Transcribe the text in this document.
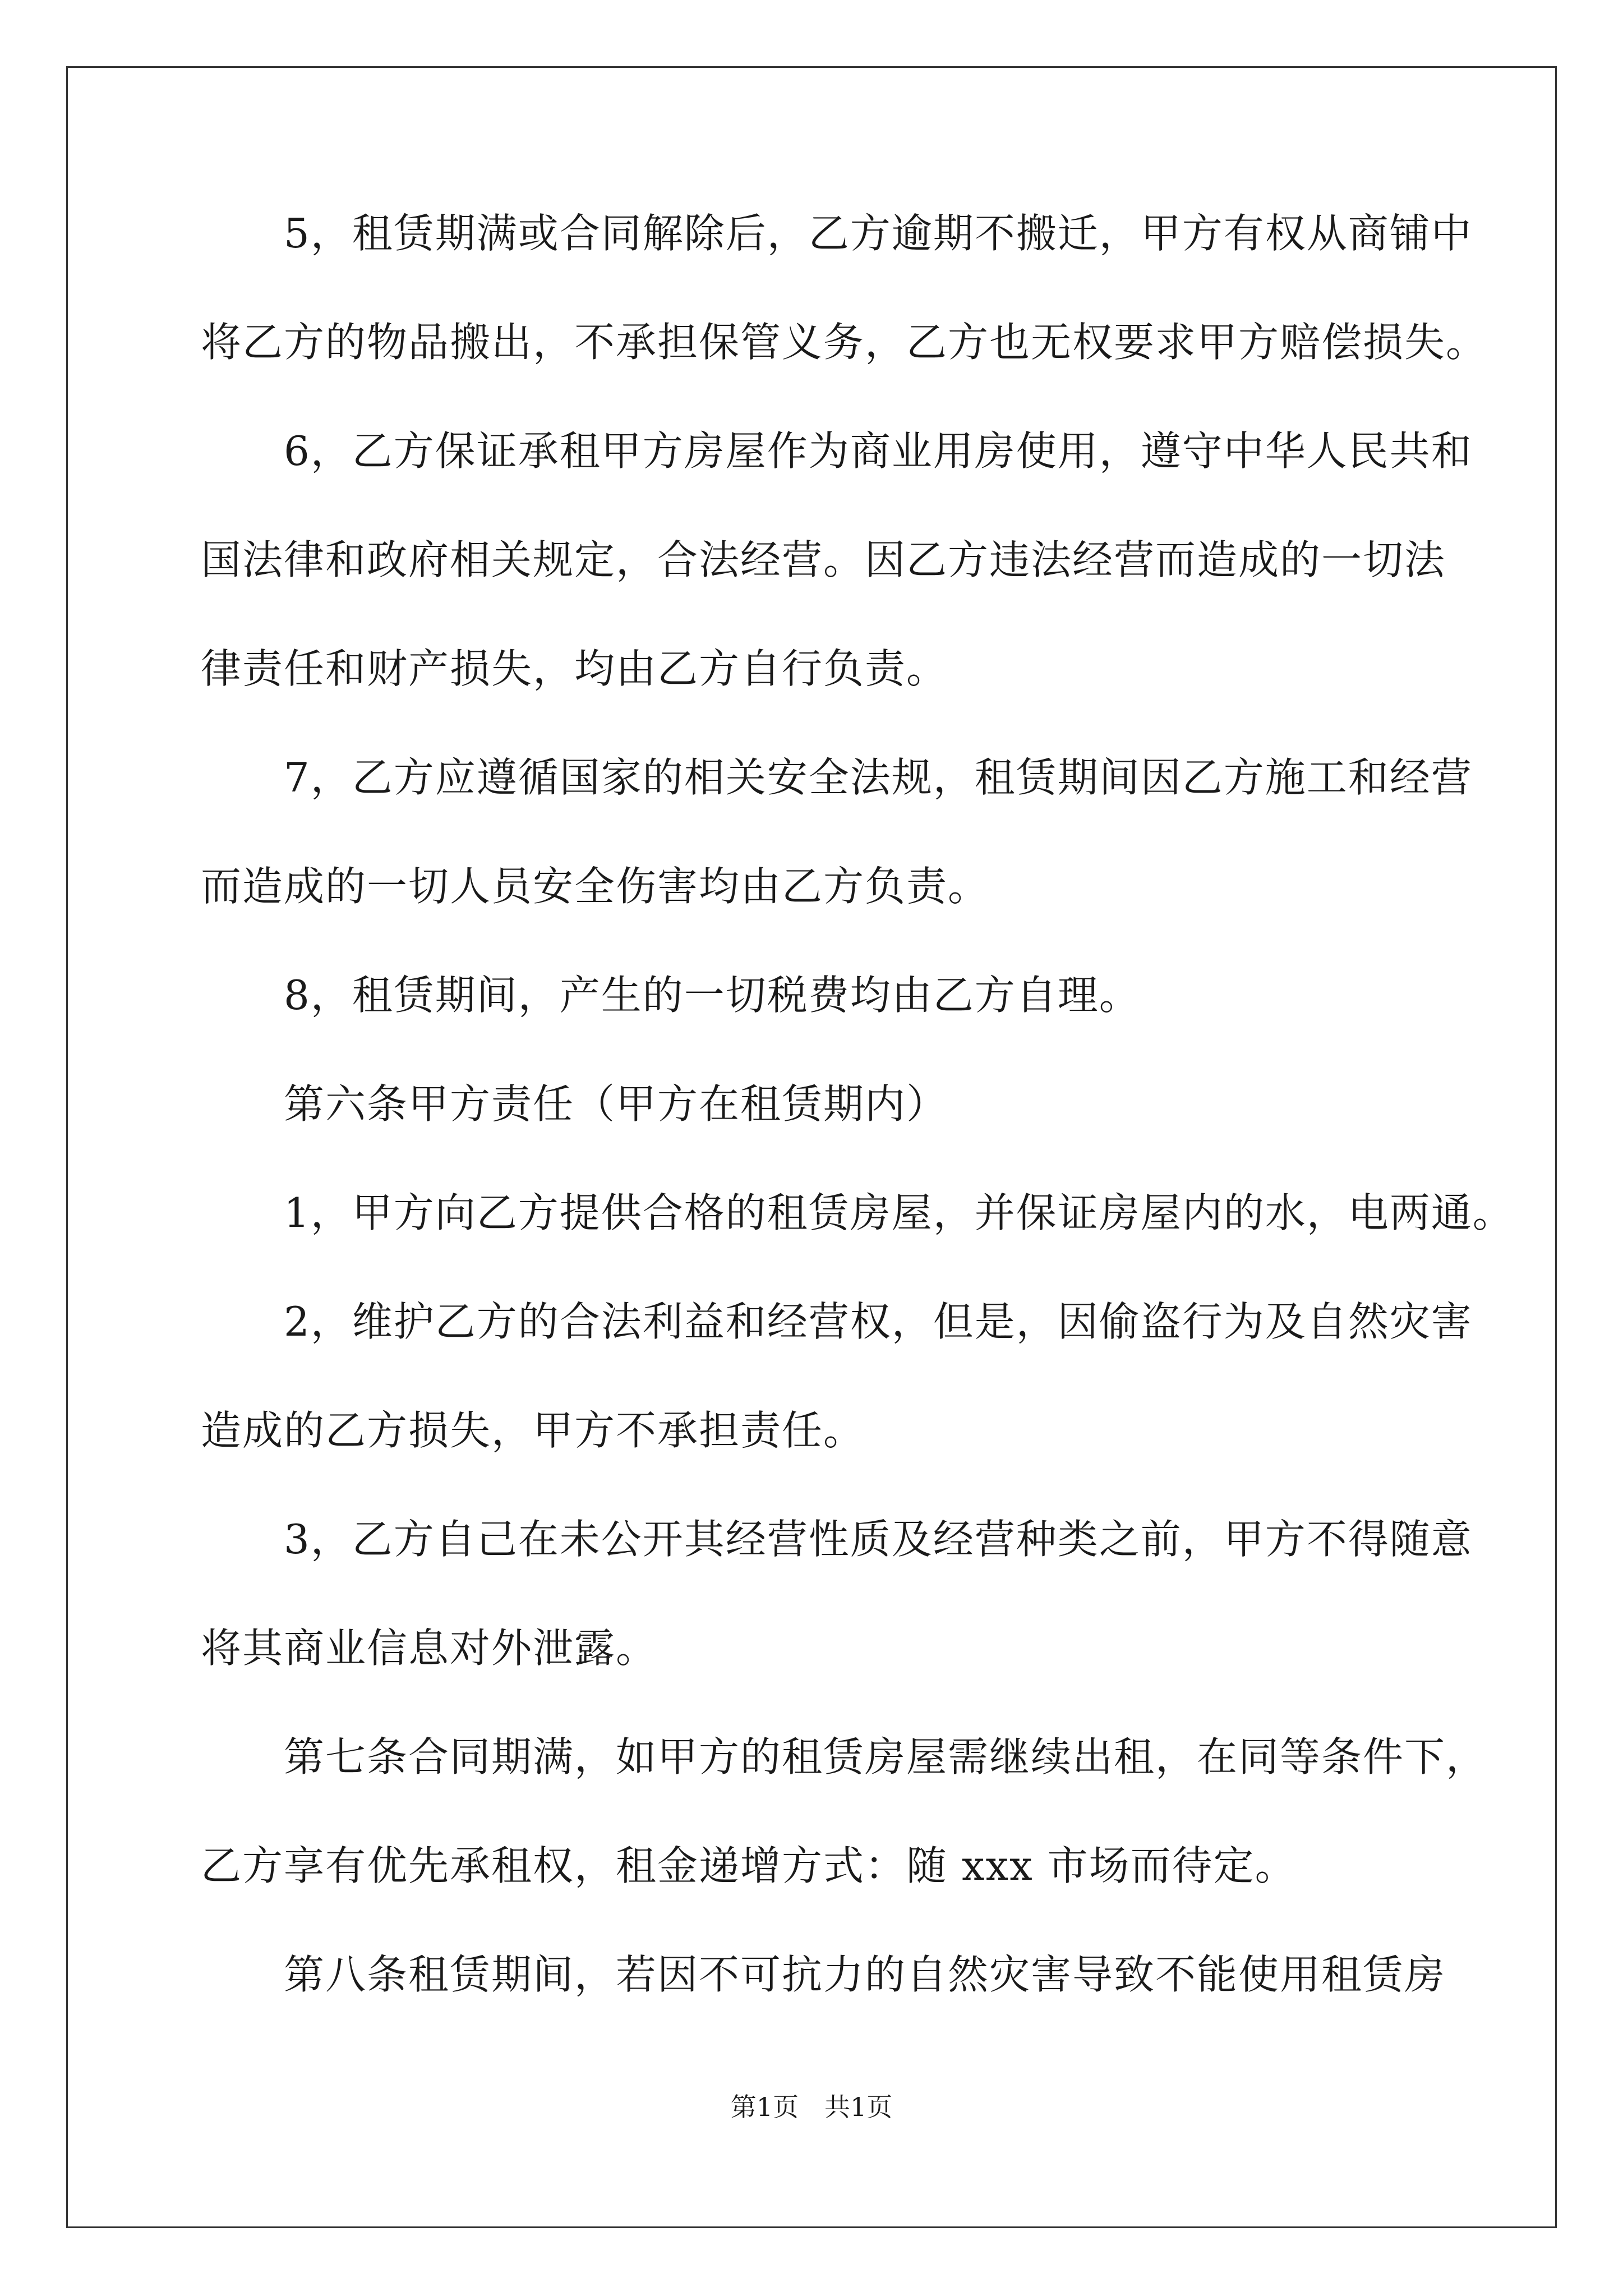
　　5，租赁期满或合同解除后，乙方逾期不搬迁，甲方有权从商铺中
将乙方的物品搬出，不承担保管义务，乙方也无权要求甲方赔偿损失。
　　6，乙方保证承租甲方房屋作为商业用房使用，遵守中华人民共和
国法律和政府相关规定，合法经营。因乙方违法经营而造成的一切法
律责任和财产损失，均由乙方自行负责。
　　7，乙方应遵循国家的相关安全法规，租赁期间因乙方施工和经营
而造成的一切人员安全伤害均由乙方负责。
　　8，租赁期间，产生的一切税费均由乙方自理。
　　第六条甲方责任（甲方在租赁期内）
　　1，甲方向乙方提供合格的租赁房屋，并保证房屋内的水，电两通。
　　2，维护乙方的合法利益和经营权，但是，因偷盗行为及自然灾害
造成的乙方损失，甲方不承担责任。
　　3，乙方自己在未公开其经营性质及经营种类之前，甲方不得随意
将其商业信息对外泄露。
　　第七条合同期满，如甲方的租赁房屋需继续出租，在同等条件下，
乙方享有优先承租权，租金递增方式：随 xxx 市场而待定。
　　第八条租赁期间，若因不可抗力的自然灾害导致不能使用租赁房
第1页　共1页
